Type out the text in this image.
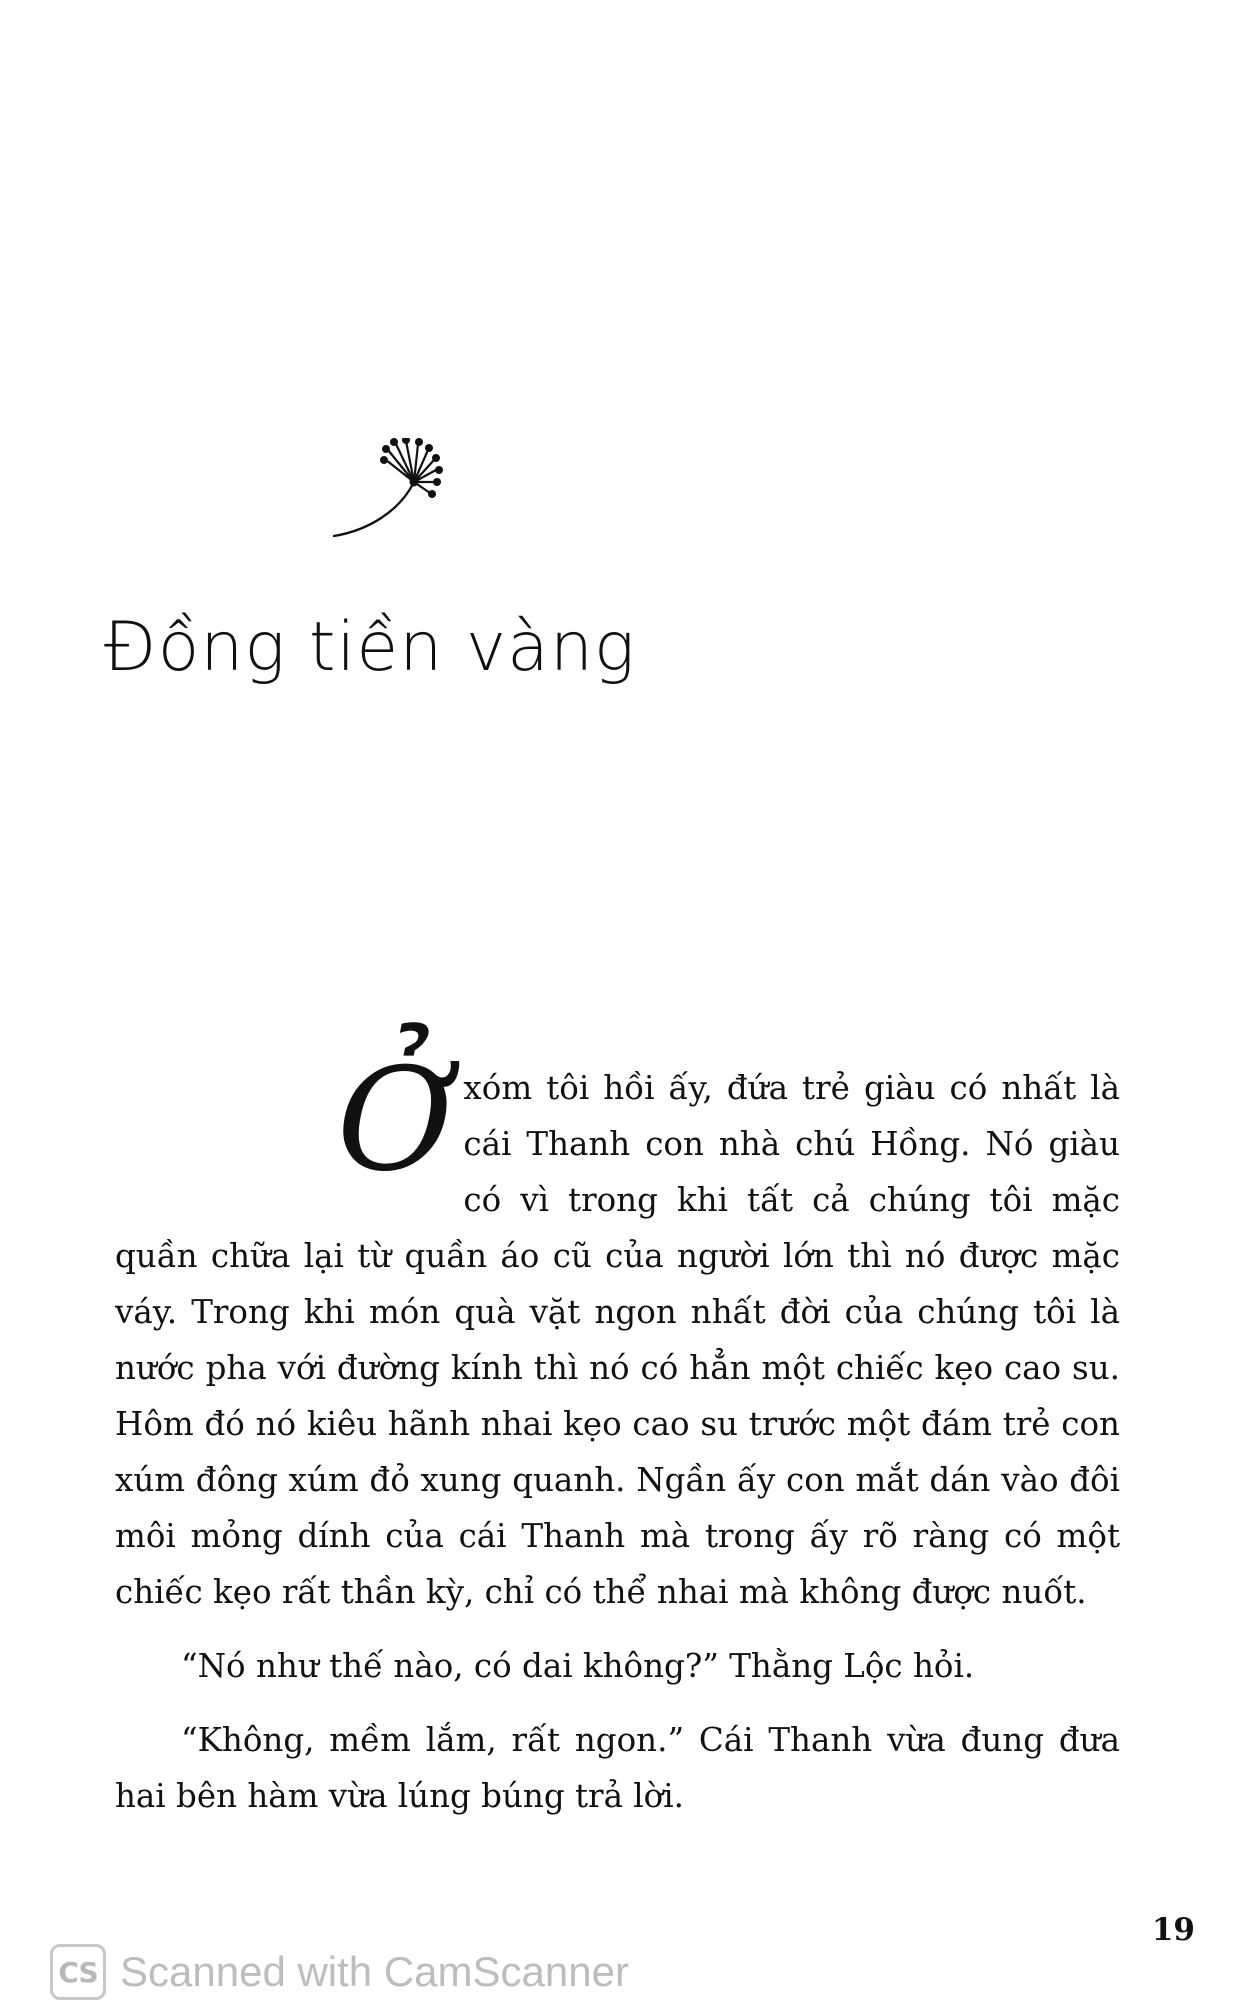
Đồng tiền vàng

Ởxóm tôi hồi ấy, đứa trẻ giàu có nhất là cái Thanh con nhà chú Hồng. Nó giàu có vì trong khi tất cả chúng tôi mặc quần chữa lại từ quần áo cũ của người lớn thì nó được mặc váy. Trong khi món quà vặt ngon nhất đời của chúng tôi là nước pha với đường kính thì nó có hẳn một chiếc kẹo cao su. Hôm đó nó kiêu hãnh nhai kẹo cao su trước một đám trẻ con xúm đông xúm đỏ xung quanh. Ngần ấy con mắt dán vào đôi môi mỏng dính của cái Thanh mà trong ấy rõ ràng có một chiếc kẹo rất thần kỳ, chỉ có thể nhai mà không được nuốt.

“Nó như thế nào, có dai không?” Thằng Lộc hỏi.

“Không, mềm lắm, rất ngon.” Cái Thanh vừa đung đưa hai bên hàm vừa lúng búng trả lời.

19
CS Scanned with CamScanner
